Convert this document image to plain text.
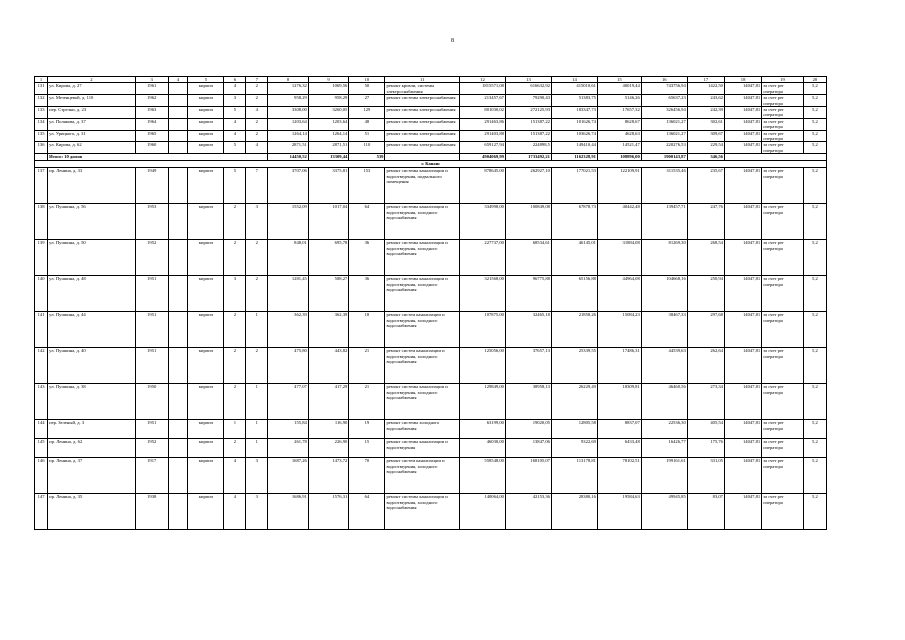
8
1	2	3	4	5	6	7	8	9	10	11	12	13	14	15	16	17	18	19	20
131	ул. Кирова, д. 27	1961		кирпич	4	2	1276,32	1069,56	50	ремонт кровли, системы электроснабжения	1815571,08	616632,92	415010,61	40019,44	743756,94	1422,50	14047,81	за счет рег оператора	5,2
132	ул. Мезенцевой, д. 110	1962		кирпич	3	2	958,29	958,29	27	ремонт системы электроснабжения	213457,67	79290,43	51383,75	5146,26	65637,23	243,62	14047,81	за счет рег оператора	5,2
133	пер. Стрелки, д. 23	1963		кирпич	5	4	3308,00	3260,05	129	ремонт системы электроснабжения	801030,02	272125,93	183347,73	17657,32	326456,94	242,39	14047,81	за счет рег оператора	5,2
134	ул. Полякова, д. 37	1964		кирпич	4	2	1203,64	1203,64	48	ремонт системы электроснабжения	291463,86	151387,22	101626,74	8628,67	136021,27	302,61	14047,81	за счет рег оператора	5,2
135	ул. Урицкого, д. 31	1965		кирпич	4	2	1264,14	1264,14	51	ремонт системы электроснабжения	291403,88	151387,22	103626,74	4628,63	136021,27	309,67	14047,81	за счет рег оператора	5,2
136	ул. Кирова, д. 62	1960		кирпич	5	4	2871,51	2871,51	110	ремонт системы электроснабжения	659127,94	224898,5	149410,44	14521,47	220276,53	229,54	14047,81	за счет рег оператора	5,2
	Итого: 10 домов						14450,52	13309,44	539		4904069,99	1733492,21	1162328,91	108896,00	1900143,87	346,56			
г. Канаш																			
137	пр. Ленина, д. 33	1949		кирпич	5	7	3707,06	3375,81	153	ремонт системы канализации и водоотведения, подвального помещения	878645,00	262927,10	177021,53	122109,91	311535,46	235,67	14047,81	за счет рег оператора	5,2
138	ул. Пушкина, д. 56	1953		кирпич	2	3	1552,09	1017,04	64	ремонт системы канализации и водоотведения, холодного водоснабжения	334998,00	100849,08	67878,73	40442,48	139457,71	247,76	14047,81	за счет рег оператора	5,2
139	ул. Пушкина, д. 50	1952		кирпич	2	2	848,01	695,78	36	ремонт системы канализации и водоотведения, холодного водоснабжения	227737,00	68534,61	46145,01	31884,08	81269,30	268,54	14047,81	за счет рег оператора	5,2
140	ул. Пушкина, д. 48	1951		кирпич	3	2	1281,45	588,27	36	ремонт системы канализации и водоотведения, холодного водоснабжения	321568,00	96775,88	65156,88	44964,08	104668,16	250,94	14047,81	за счет рег оператора	5,2
141	ул. Пушкина, д. 44	1951		кирпич	2	1	362,39	362,39	18	ремонт систем канализации и водоотведения, холодного водоснабжения	107875,00	32465,18	21858,26	15084,23	38467,33	297,68	14047,81	за счет рег оператора	5,2
142	ул. Пушкина, д. 40	1951		кирпич	2	2	475,80	443,82	21	ремонт систем канализации и водоотведения, холодного водоснабжения	125056,00	37657,13	25339,55	17486,31	44539,63	262,64	14047,81	за счет рег оператора	5,2
143	ул. Пушкина, д. 38	1950		кирпич	2	1	477,07	417,29	21	ремонт системы канализации и водоотведения, холодного водоснабжения	129849,00	38958,13	26229,49	18309,81	46460,56	273,34	14047,81	за счет рег оператора	5,2
144	пер. Зеленый, д. 3	1951		кирпич	1	1	155,84	116,90	19	ремонт системы холодного водоснабжения	63199,00	19020,05	12805,58	8837,07	22536,30	405,54	14047,81	за счет рег оператора	5,2
145	пр. Ленина, д. 62	1952		кирпич	2	1	261,78	226,90	15	ремонт системы канализации и водоотведения	46030,00	13847,06	9322,69	6433,48	16426,77	175,76	14047,81	за счет рег оператора	5,2
146	пр. Ленина, д. 37	1917		кирпич	4	3	1687,26	1473,72	70	ремонт систем канализации и водоотведения, холодного водоснабжения	558548,00	168105,07	113178,81	78102,51	199161,61	331,05	14047,81	за счет рег оператора	5,2
147	пр. Ленина, д. 35	1938		кирпич	4	3	1686,91	1576,31	64	ремонт системы канализации и водоотведения, холодного водоснабжения	140064,00	42153,36	28380,16	19584,63	49945,85	83,07	14047,81	за счет рег оператора	5,2
